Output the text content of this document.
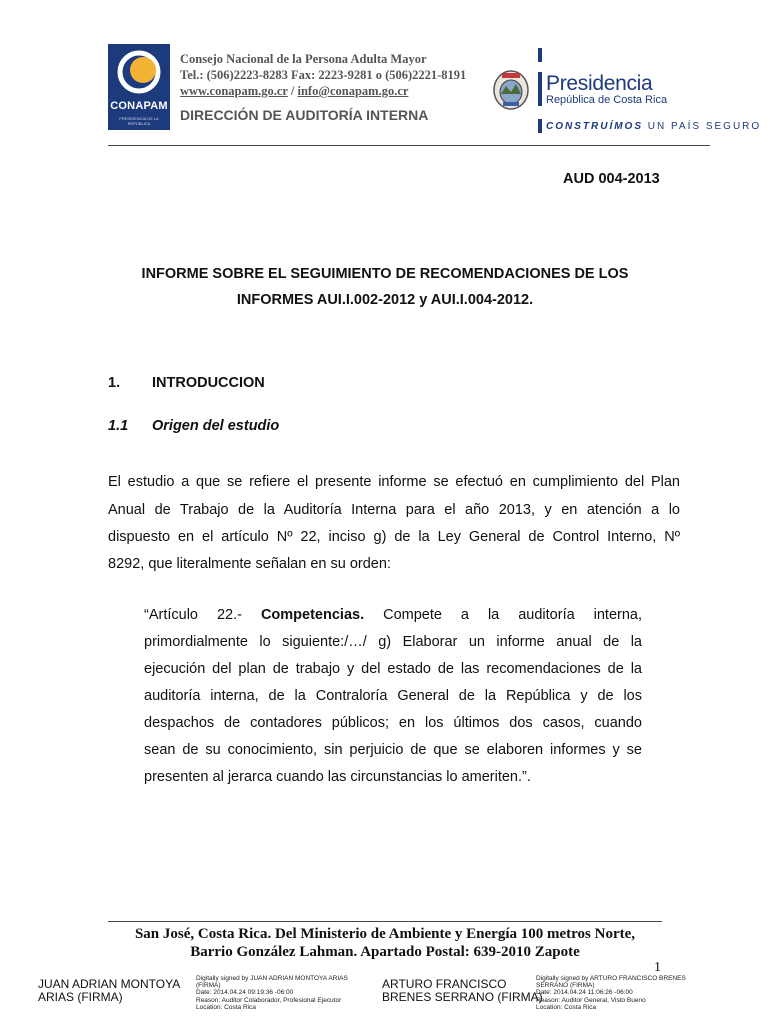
CONAPAM
PRESIDENCIA DE LA REPÚBLICA
Consejo Nacional de la Persona Adulta Mayor
Tel.: (506)2223-8283 Fax: 2223-9281 o (506)2221-8191
www.conapam.go.cr / info@conapam.go.cr
DIRECCIÓN DE AUDITORÍA INTERNA
Presidencia
República de Costa Rica
CONSTRUÍMOS UN PAÍS SEGURO
AUD 004-2013
INFORME SOBRE EL SEGUIMIENTO DE RECOMENDACIONES DE LOS
INFORMES AUI.I.002-2012 y AUI.I.004-2012.
1. INTRODUCCION
1.1 Origen del estudio
El estudio a que se refiere el presente informe se efectuó en cumplimiento del Plan
Anual de Trabajo de la Auditoría Interna para el año 2013, y en atención a lo
dispuesto en el artículo Nº 22, inciso g) de la Ley General de Control Interno, Nº
8292, que literalmente señalan en su orden:
“Artículo 22.- Competencias. Compete a la auditoría interna,
primordialmente lo siguiente:/…/ g) Elaborar un informe anual de la
ejecución del plan de trabajo y del estado de las recomendaciones de la
auditoría interna, de la Contraloría General de la República y de los
despachos de contadores públicos; en los últimos dos casos, cuando
sean de su conocimiento, sin perjuicio de que se elaboren informes y se
presenten al jerarca cuando las circunstancias lo ameriten.”.
San José, Costa Rica. Del Ministerio de Ambiente y Energía 100 metros Norte,
Barrio González Lahman. Apartado Postal: 639-2010 Zapote
1
JUAN ADRIAN MONTOYA
ARIAS (FIRMA)
Digitally signed by JUAN ADRIAN MONTOYA ARIAS
(FIRMA)
Date: 2014.04.24 09:19:36 -06:00
Reason: Auditor Colaborador, Profesional Ejecutor
Location: Costa Rica
ARTURO FRANCISCO
BRENES SERRANO (FIRMA)
Digitally signed by ARTURO FRANCISCO BRENES
SERRANO (FIRMA)
Date: 2014.04.24 11:06:26 -06:00
Reason: Auditor General, Visto Bueno
Location: Costa Rica
